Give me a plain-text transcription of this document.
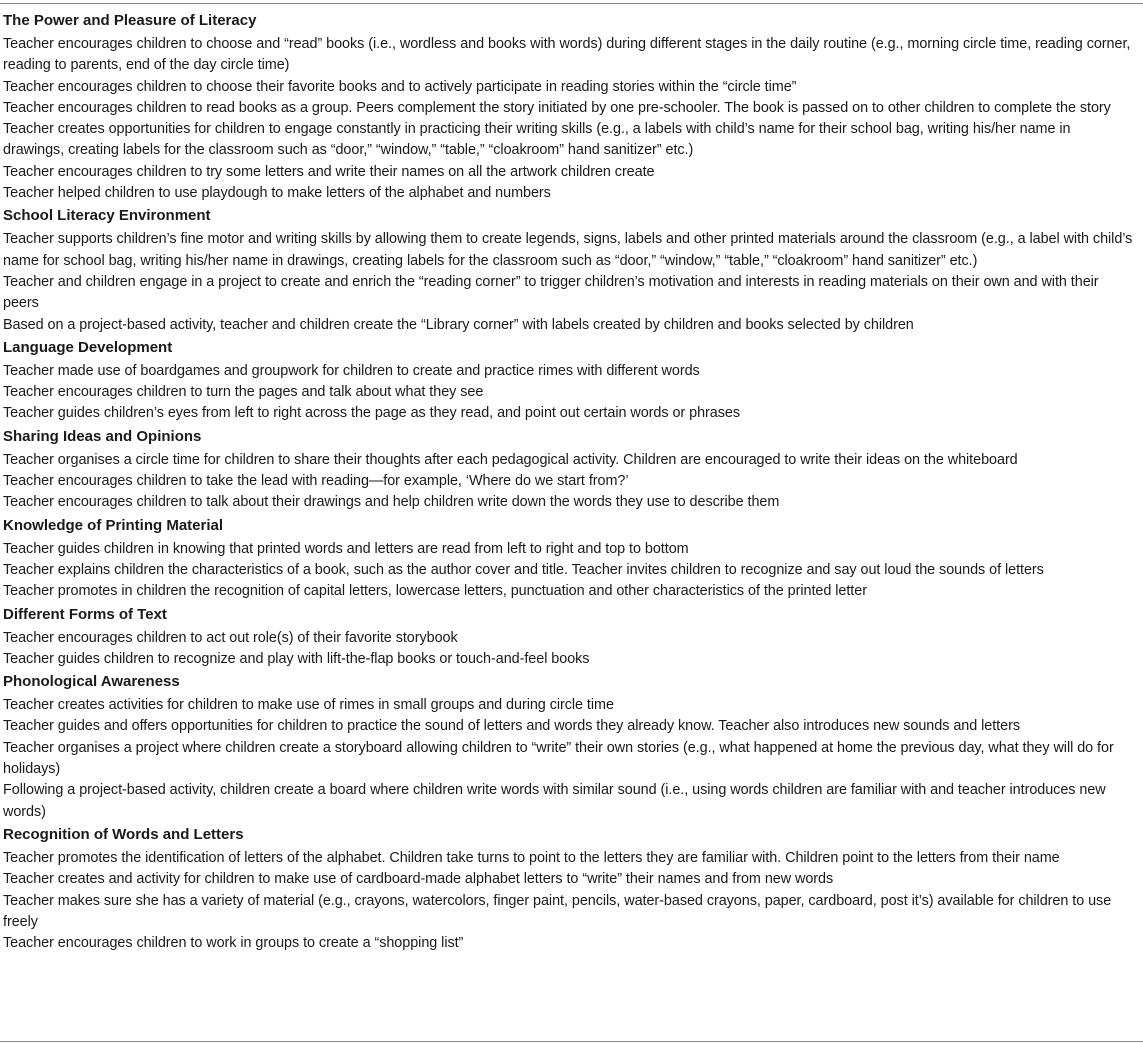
The Power and Pleasure of Literacy
Teacher encourages children to choose and “read” books (i.e., wordless and books with words) during different stages in the daily routine (e.g., morning circle time, reading corner, reading to parents, end of the day circle time)
Teacher encourages children to choose their favorite books and to actively participate in reading stories within the “circle time”
Teacher encourages children to read books as a group. Peers complement the story initiated by one pre-schooler. The book is passed on to other children to complete the story
Teacher creates opportunities for children to engage constantly in practicing their writing skills (e.g., a labels with child’s name for their school bag, writing his/her name in drawings, creating labels for the classroom such as “door,” “window,” “table,” “cloakroom” hand sanitizer” etc.)
Teacher encourages children to try some letters and write their names on all the artwork children create
Teacher helped children to use playdough to make letters of the alphabet and numbers
School Literacy Environment
Teacher supports children’s fine motor and writing skills by allowing them to create legends, signs, labels and other printed materials around the classroom (e.g., a label with child’s name for school bag, writing his/her name in drawings, creating labels for the classroom such as “door,” “window,” “table,” “cloakroom” hand sanitizer” etc.)
Teacher and children engage in a project to create and enrich the “reading corner” to trigger children’s motivation and interests in reading materials on their own and with their peers
Based on a project-based activity, teacher and children create the “Library corner” with labels created by children and books selected by children
Language Development
Teacher made use of boardgames and groupwork for children to create and practice rimes with different words
Teacher encourages children to turn the pages and talk about what they see
Teacher guides children’s eyes from left to right across the page as they read, and point out certain words or phrases
Sharing Ideas and Opinions
Teacher organises a circle time for children to share their thoughts after each pedagogical activity. Children are encouraged to write their ideas on the whiteboard
Teacher encourages children to take the lead with reading—for example, ‘Where do we start from?’
Teacher encourages children to talk about their drawings and help children write down the words they use to describe them
Knowledge of Printing Material
Teacher guides children in knowing that printed words and letters are read from left to right and top to bottom
Teacher explains children the characteristics of a book, such as the author cover and title. Teacher invites children to recognize and say out loud the sounds of letters
Teacher promotes in children the recognition of capital letters, lowercase letters, punctuation and other characteristics of the printed letter
Different Forms of Text
Teacher encourages children to act out role(s) of their favorite storybook
Teacher guides children to recognize and play with lift-the-flap books or touch-and-feel books
Phonological Awareness
Teacher creates activities for children to make use of rimes in small groups and during circle time
Teacher guides and offers opportunities for children to practice the sound of letters and words they already know. Teacher also introduces new sounds and letters
Teacher organises a project where children create a storyboard allowing children to “write” their own stories (e.g., what happened at home the previous day, what they will do for holidays)
Following a project-based activity, children create a board where children write words with similar sound (i.e., using words children are familiar with and teacher introduces new words)
Recognition of Words and Letters
Teacher promotes the identification of letters of the alphabet. Children take turns to point to the letters they are familiar with. Children point to the letters from their name
Teacher creates and activity for children to make use of cardboard-made alphabet letters to “write” their names and from new words
Teacher makes sure she has a variety of material (e.g., crayons, watercolors, finger paint, pencils, water-based crayons, paper, cardboard, post it’s) available for children to use freely
Teacher encourages children to work in groups to create a “shopping list”
